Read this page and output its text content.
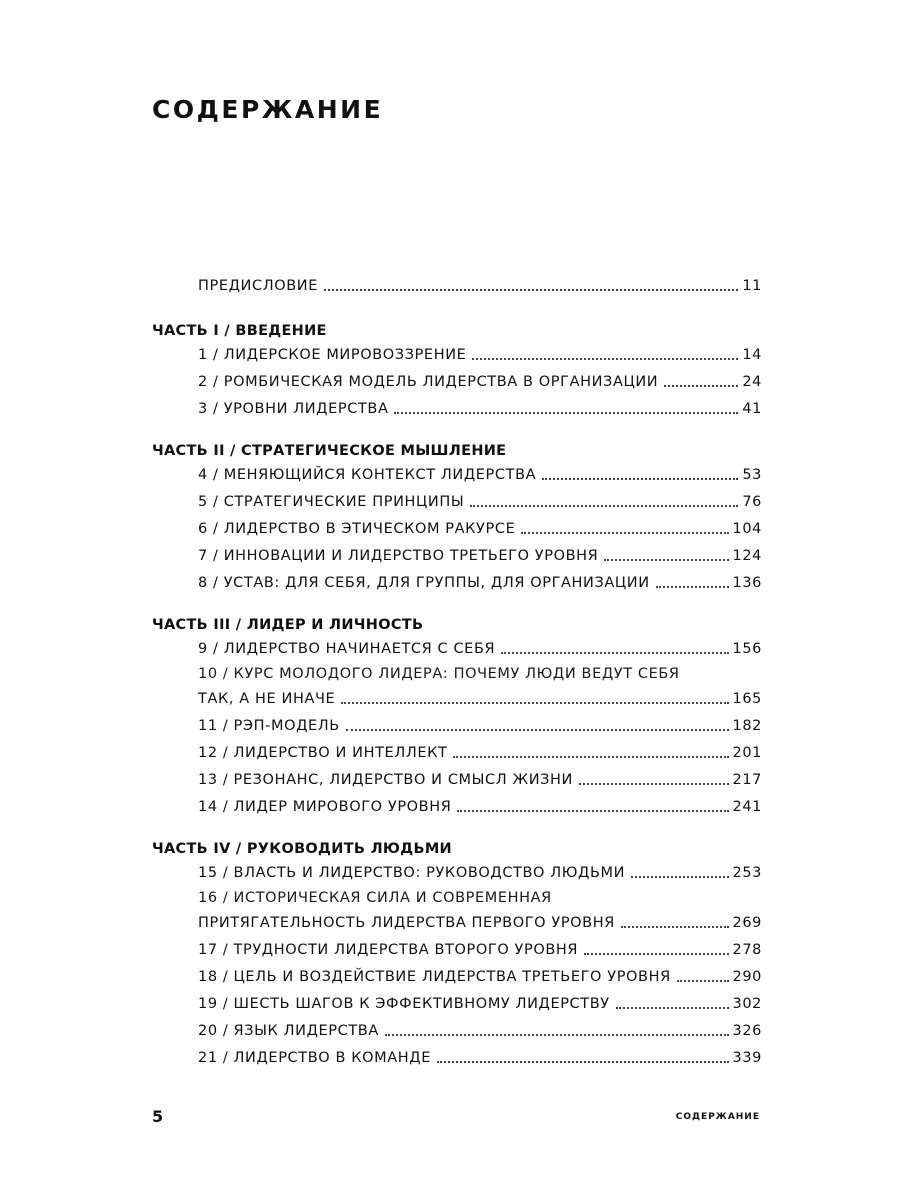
СОДЕРЖАНИЕ
ПРЕДИСЛОВИЕ	11
ЧАСТЬ I / ВВЕДЕНИЕ
1 / ЛИДЕРСКОЕ МИРОВОЗЗРЕНИЕ	14
2 / РОМБИЧЕСКАЯ МОДЕЛЬ ЛИДЕРСТВА В ОРГАНИЗАЦИИ	24
3 / УРОВНИ ЛИДЕРСТВА	41
ЧАСТЬ II / СТРАТЕГИЧЕСКОЕ МЫШЛЕНИЕ
4 / МЕНЯЮЩИЙСЯ КОНТЕКСТ ЛИДЕРСТВА	53
5 / СТРАТЕГИЧЕСКИЕ ПРИНЦИПЫ	76
6 / ЛИДЕРСТВО В ЭТИЧЕСКОМ РАКУРСЕ	104
7 / ИННОВАЦИИ И ЛИДЕРСТВО ТРЕТЬЕГО УРОВНЯ	124
8 / УСТАВ: ДЛЯ СЕБЯ, ДЛЯ ГРУППЫ, ДЛЯ ОРГАНИЗАЦИИ	136
ЧАСТЬ III / ЛИДЕР И ЛИЧНОСТЬ
9 / ЛИДЕРСТВО НАЧИНАЕТСЯ С СЕБЯ	156
10 / КУРС МОЛОДОГО ЛИДЕРА: ПОЧЕМУ ЛЮДИ ВЕДУТ СЕБЯ
ТАК, А НЕ ИНАЧЕ	165
11 / РЭП-МОДЕЛЬ	182
12 / ЛИДЕРСТВО И ИНТЕЛЛЕКТ	201
13 / РЕЗОНАНС, ЛИДЕРСТВО И СМЫСЛ ЖИЗНИ	217
14 / ЛИДЕР МИРОВОГО УРОВНЯ	241
ЧАСТЬ IV / РУКОВОДИТЬ ЛЮДЬМИ
15 / ВЛАСТЬ И ЛИДЕРСТВО: РУКОВОДСТВО ЛЮДЬМИ	253
16 / ИСТОРИЧЕСКАЯ СИЛА И СОВРЕМЕННАЯ
ПРИТЯГАТЕЛЬНОСТЬ ЛИДЕРСТВА ПЕРВОГО УРОВНЯ	269
17 / ТРУДНОСТИ ЛИДЕРСТВА ВТОРОГО УРОВНЯ	278
18 / ЦЕЛЬ И ВОЗДЕЙСТВИЕ ЛИДЕРСТВА ТРЕТЬЕГО УРОВНЯ	290
19 / ШЕСТЬ ШАГОВ К ЭФФЕКТИВНОМУ ЛИДЕРСТВУ	302
20 / ЯЗЫК ЛИДЕРСТВА	326
21 / ЛИДЕРСТВО В КОМАНДЕ	339
5	СОДЕРЖАНИЕ
